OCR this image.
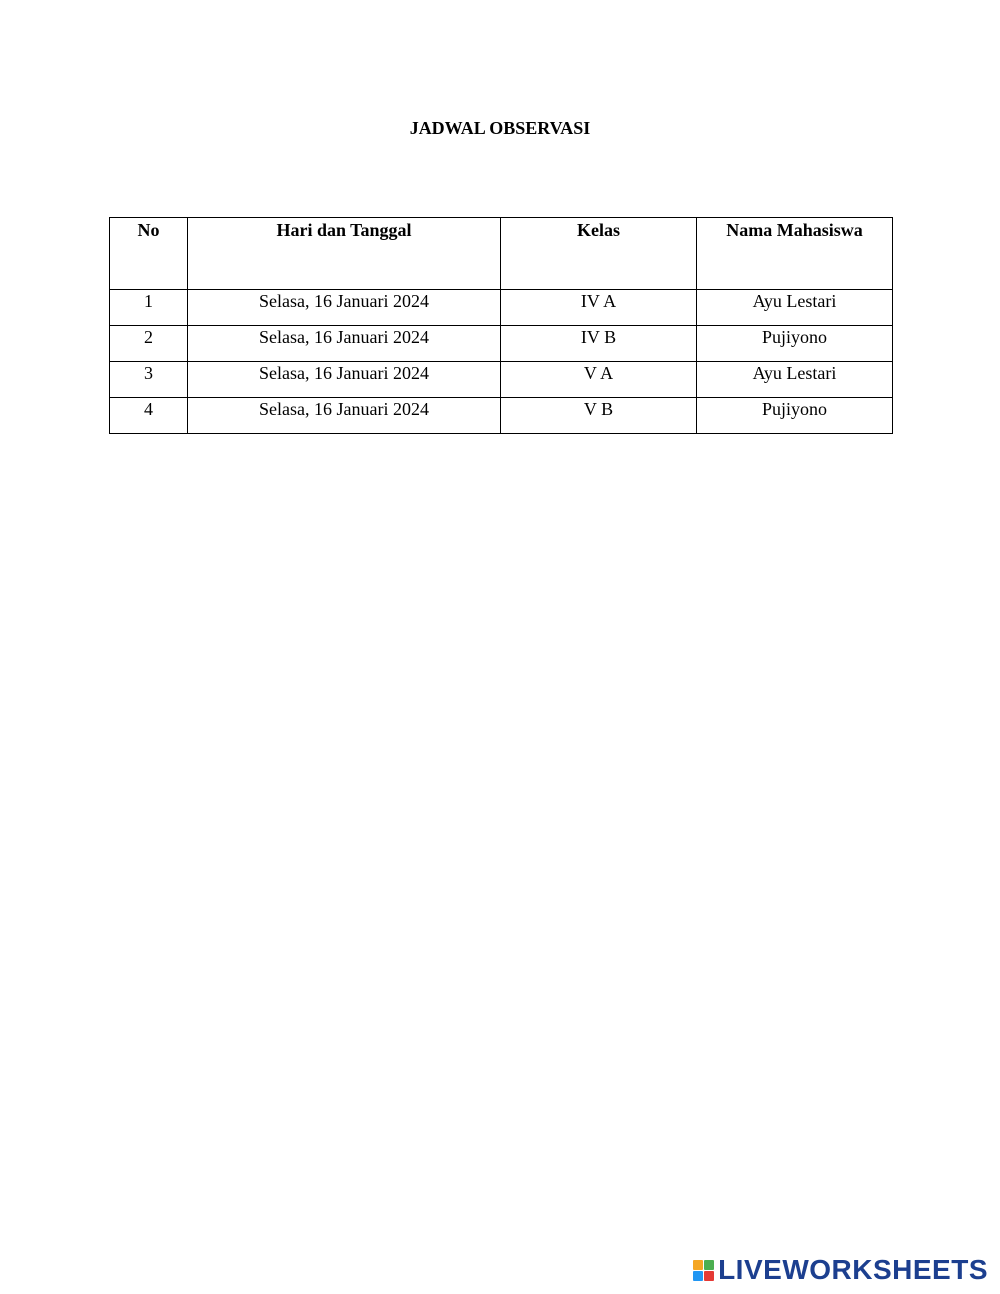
JADWAL OBSERVASI
No	Hari dan Tanggal	Kelas	Nama Mahasiswa
1	Selasa, 16 Januari 2024	IV A	Ayu Lestari
2	Selasa, 16 Januari 2024	IV B	Pujiyono
3	Selasa, 16 Januari 2024	V A	Ayu Lestari
4	Selasa, 16 Januari 2024	V B	Pujiyono
LIVEWORKSHEETS
